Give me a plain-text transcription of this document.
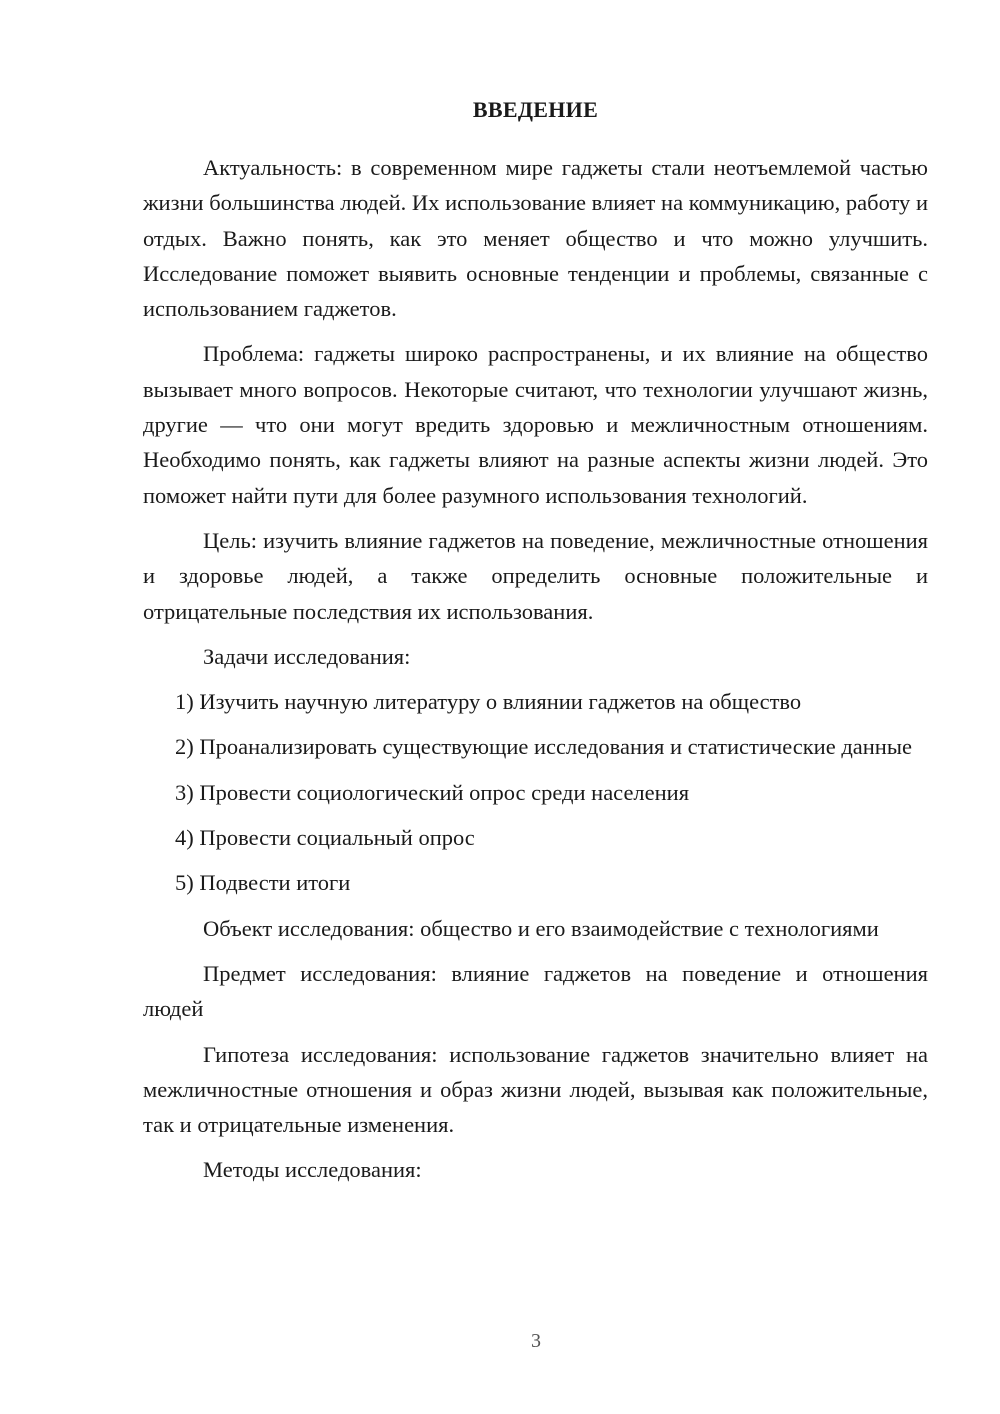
ВВЕДЕНИЕ

Актуальность: в современном мире гаджеты стали неотъемлемой частью жизни большинства людей. Их использование влияет на коммуникацию, работу и отдых. Важно понять, как это меняет общество и что можно улучшить. Исследование поможет выявить основные тенденции и проблемы, связанные с использованием гаджетов.

Проблема: гаджеты широко распространены, и их влияние на общество вызывает много вопросов. Некоторые считают, что технологии улучшают жизнь, другие — что они могут вредить здоровью и межличностным отношениям. Необходимо понять, как гаджеты влияют на разные аспекты жизни людей. Это поможет найти пути для более разумного использования технологий.

Цель: изучить влияние гаджетов на поведение, межличностные отношения и здоровье людей, а также определить основные положительные и отрицательные последствия их использования.

Задачи исследования:

1) Изучить научную литературу о влиянии гаджетов на общество

2) Проанализировать существующие исследования и статистические данные

3) Провести социологический опрос среди населения

4) Провести социальный опрос

5) Подвести итоги

Объект исследования: общество и его взаимодействие с технологиями

Предмет исследования: влияние гаджетов на поведение и отношения людей

Гипотеза исследования: использование гаджетов значительно влияет на межличностные отношения и образ жизни людей, вызывая как положительные, так и отрицательные изменения.

Методы исследования:

3
